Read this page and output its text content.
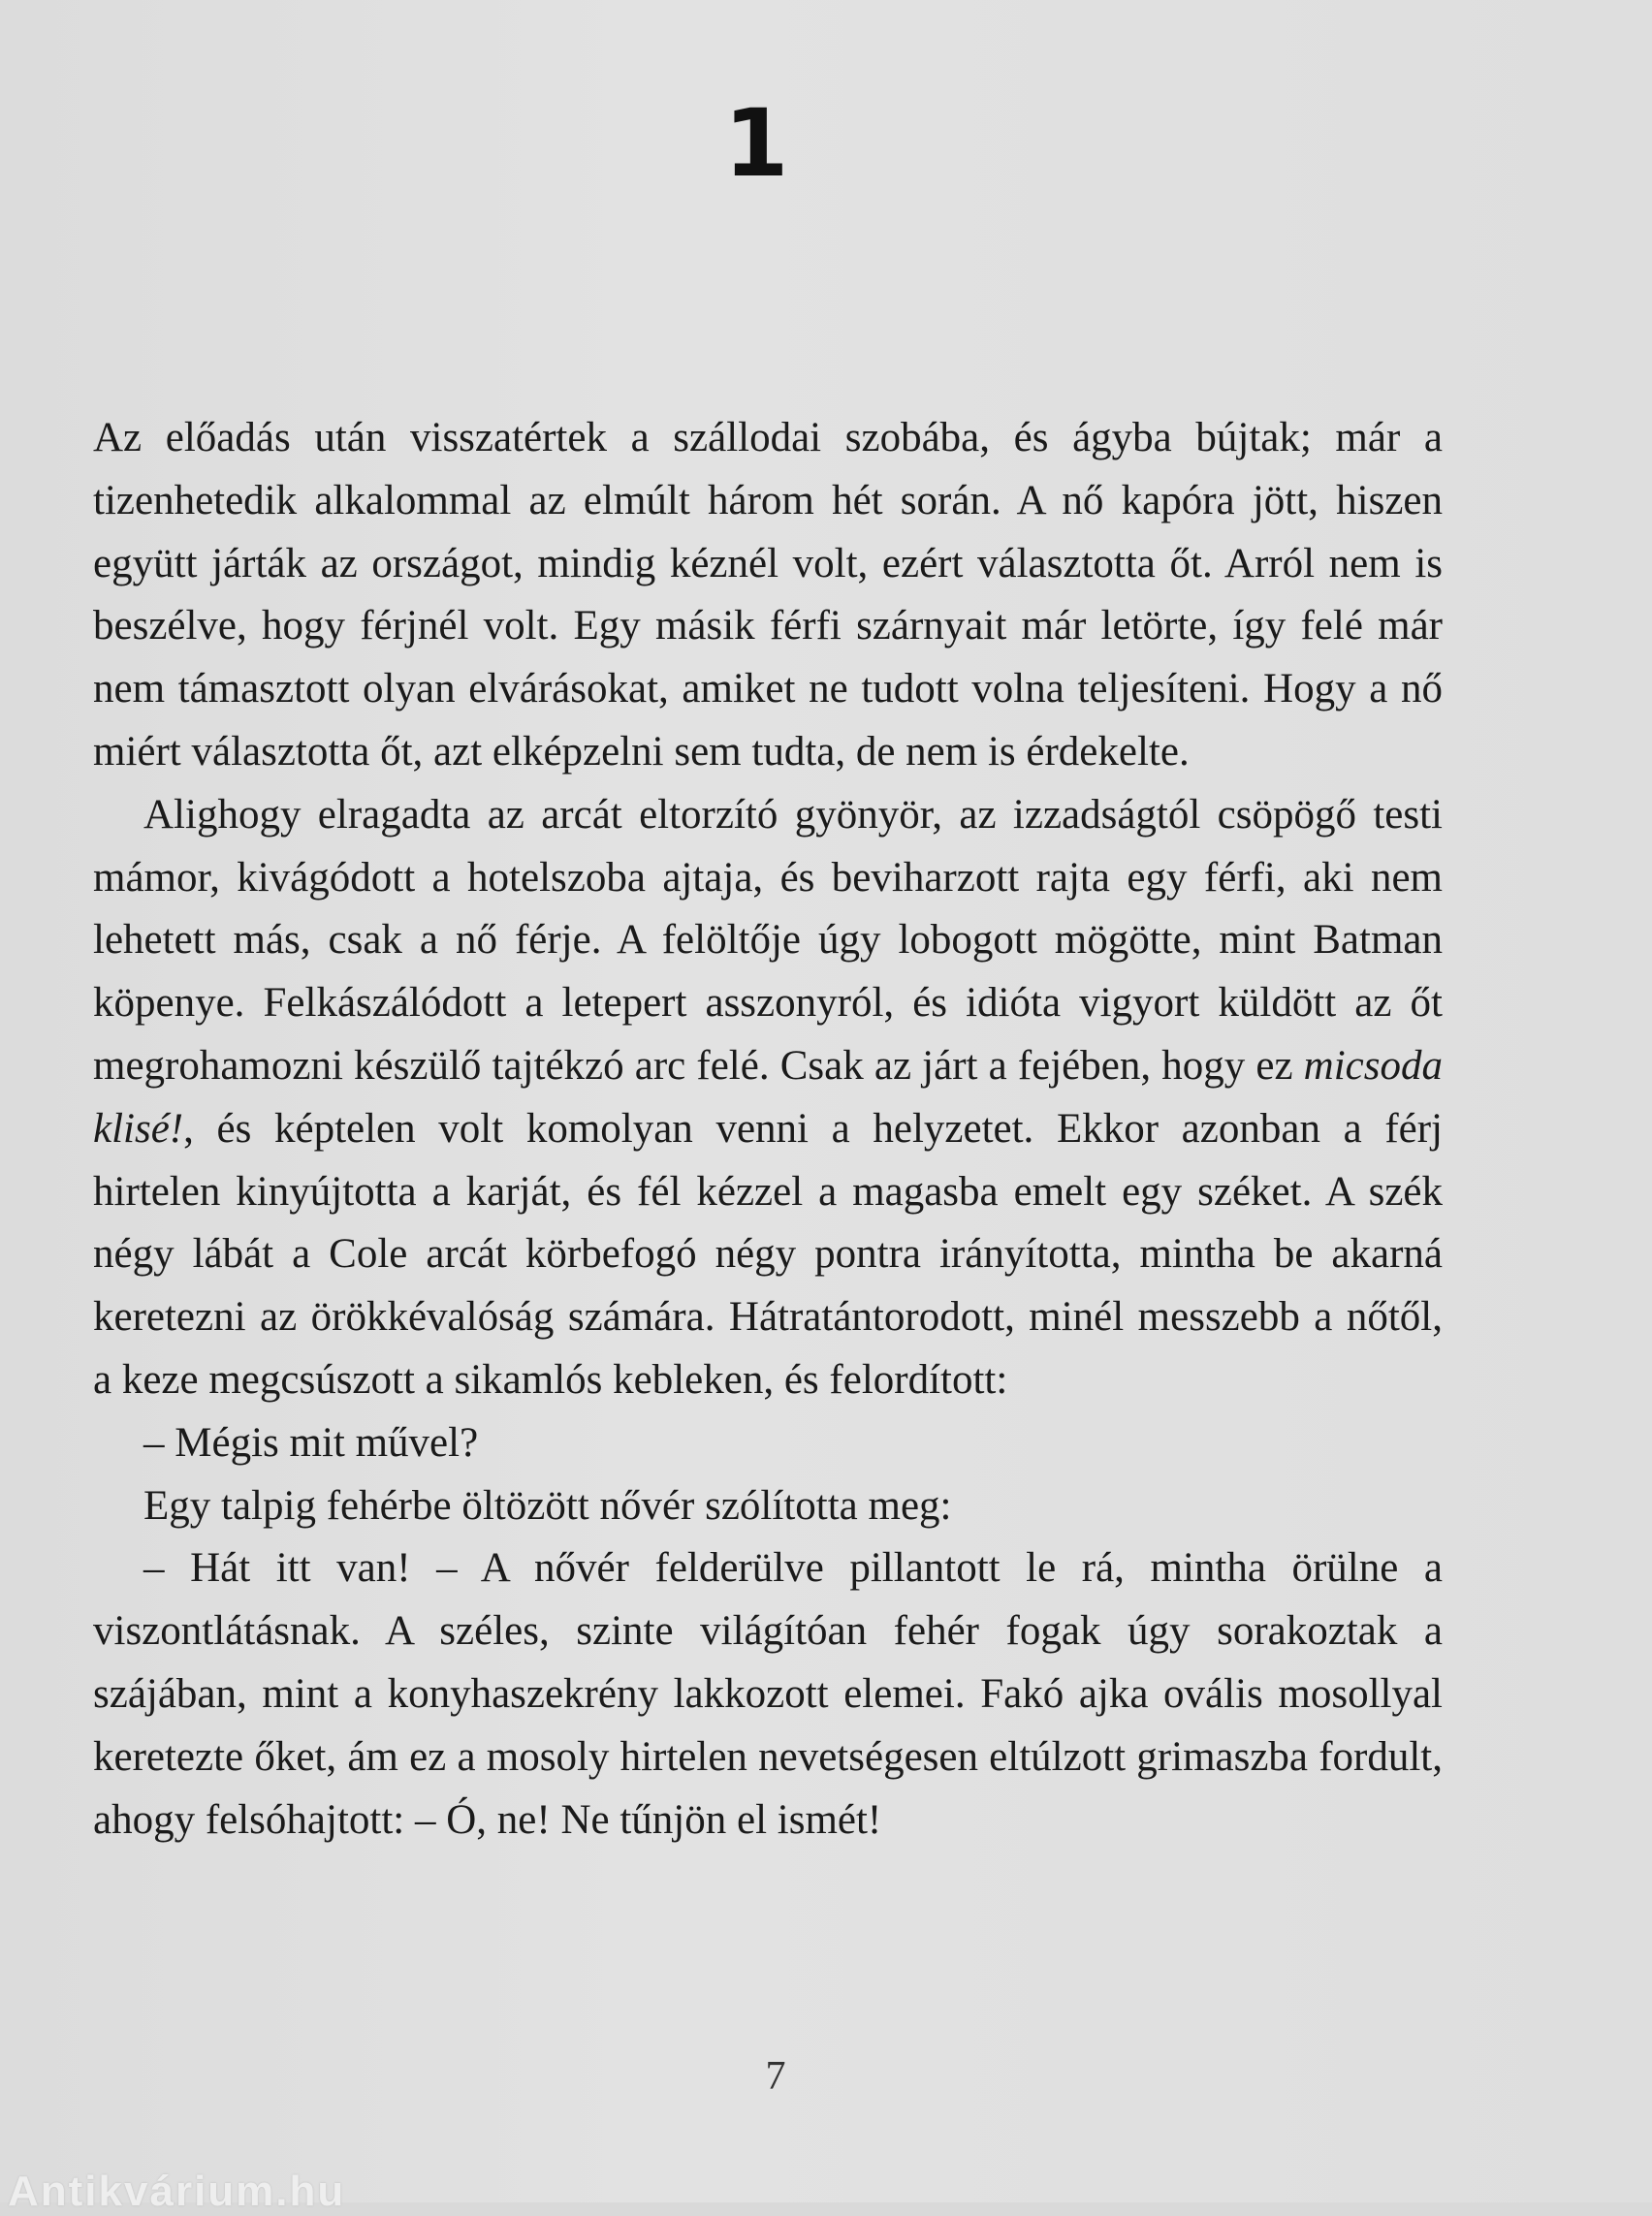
1

Az előadás után visszatértek a szállodai szobába, és ágyba bújtak; már a tizenhetedik alkalommal az elmúlt három hét során. A nő kapóra jött, hiszen együtt járták az országot, mindig kéznél volt, ezért választotta őt. Arról nem is beszélve, hogy férjnél volt. Egy másik férfi szárnyait már letörte, így felé már nem támasztott olyan elvárásokat, amiket ne tudott volna teljesíteni. Hogy a nő miért választotta őt, azt elképzelni sem tudta, de nem is érdekelte.

Alighogy elragadta az arcát eltorzító gyönyör, az izzadságtól csöpögő testi mámor, kivágódott a hotelszoba ajtaja, és beviharzott rajta egy férfi, aki nem lehetett más, csak a nő férje. A felöltője úgy lobogott mögötte, mint Batman köpenye. Felkászálódott a letepert asszonyról, és idióta vigyort küldött az őt megrohamozni készülő tajtékzó arc felé. Csak az járt a fejében, hogy ez micsoda klisé!, és képtelen volt komolyan venni a helyzetet. Ekkor azonban a férj hirtelen kinyújtotta a karját, és fél kézzel a magasba emelt egy széket. A szék négy lábát a Cole arcát körbefogó négy pontra irányította, mintha be akarná keretezni az örökkévalóság számára. Hátratántorodott, minél messzebb a nőtől, a keze megcsúszott a sikamlós kebleken, és felordított:

– Mégis mit művel?

Egy talpig fehérbe öltözött nővér szólította meg:

– Hát itt van! – A nővér felderülve pillantott le rá, mintha örülne a viszontlátásnak. A széles, szinte világítóan fehér fogak úgy sorakoztak a szájában, mint a konyhaszekrény lakkozott elemei. Fakó ajka ovális mosollyal keretezte őket, ám ez a mosoly hirtelen nevetségesen eltúlzott grimaszba fordult, ahogy felsóhajtott: – Ó, ne! Ne tűnjön el ismét!

7
Antikvárium.hu
